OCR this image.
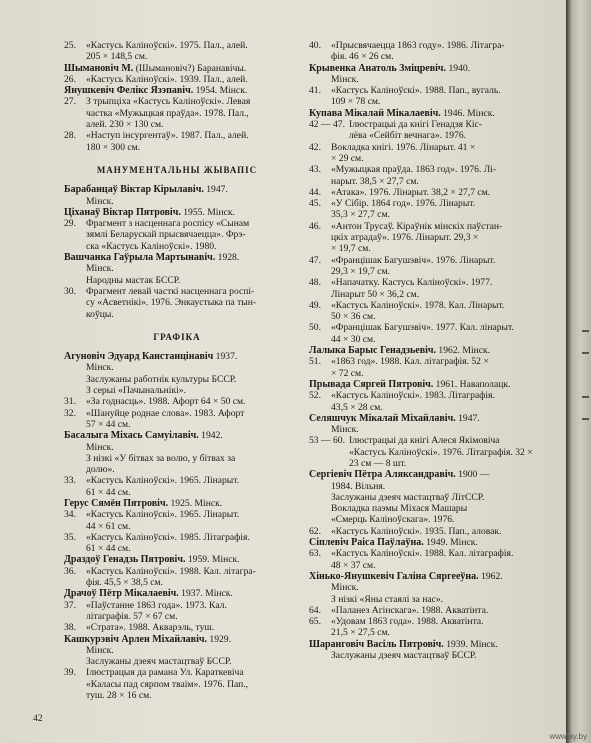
25. «Кастусь Каліноўскі». 1975. Пал., алей.
205 × 148,5 см.
Шымановіч М. (Шымановіч?) Баранавічы.
26. «Кастусь Каліноўскі». 1939. Пал., алей.
Янушкевіч Фелікс Язэпавіч. 1954. Мінск.
27. З трыпціха «Кастусь Каліноўскі». Левая
частка «Мужыцкая праўда». 1978. Пал.,
алей. 230 × 130 см.
28. «Наступ інсургентаў». 1987. Пал., алей.
180 × 300 см.
МАНУМЕНТАЛЬНЫ ЖЫВАПІС
Барабанцаў Віктар Кірылавіч. 1947.
Мінск.
Ціханаў Віктар Пятровіч. 1955. Мінск.
29. Фрагмент з насценнага роспісу «Сынам
зямлі Беларускай прысвячаецца». Фрэ-
ска «Кастусь Каліноўскі». 1980.
Вашчанка Гаўрыла Мартынавіч. 1928.
Мінск.
Народны мастак БССР.
30. Фрагмент левай часткі насценнага роспі-
су «Асветнікі». 1976. Энкаустыка па тын-
коўцы.
ГРАФІКА
Агуновіч Эдуард Канстанцінавіч 1937.
Мінск.
Заслужаны работнік культуры БССР.
З серыі «Пачынальнікі».
31. «За годнасць». 1988. Афорт 64 × 50 см.
32. «Шануйце роднае слова». 1983. Афорт
57 × 44 см.
Басалыга Міхась Самуілавіч. 1942.
Мінск.
З нізкі «У бітвах за волю, у бітвах за
долю».
33. «Кастусь Каліноўскі». 1965. Лінарыт.
61 × 44 см.
Герус Сямён Пятровіч. 1925. Мінск.
34. «Кастусь Каліноўскі». 1965. Лінарыт.
44 × 61 см.
35. «Кастусь Каліноўскі». 1985. Літаграфія.
61 × 44 см.
Драздоў Генадзь Пятровіч. 1959. Мінск.
36. «Кастусь Каліноўскі». 1988. Кал. літагра-
фія. 45,5 × 38,5 см.
Драчоў Пётр Мікалаевіч. 1937. Мінск.
37. «Паўстанне 1863 года». 1973. Кал.
літаграфія. 57 × 67 см.
38. «Страта». 1988. Акварэль, туш.
Кашкурэвіч Арлен Міхайлавіч. 1929.
Мінск.
Заслужаны дзеяч мастацтваў БССР.
39. Ілюстрацыя да рамана Ул. Караткевіча
«Каласы пад сярпом тваім». 1976. Пап.,
туш. 28 × 16 см.
40. «Прысвячаецца 1863 году». 1986. Літагра-
фія. 46 × 26 см.
Крывенка Анатоль Зміцревіч. 1940.
Мінск.
41. «Кастусь Каліноўскі». 1988. Пап., вугаль.
109 × 78 см.
Купава Мікалай Мікалаевіч. 1946. Мінск.
42 — 47. Ілюстрацыі да кнігі Генадзя Кіс-
лёва «Сейбіт вечнага». 1976.
42. Вокладка кнігі. 1976. Лінарыт. 41 ×
× 29 см.
43. «Мужыцкая праўда. 1863 год». 1976. Лі-
нарыт. 38,5 × 27,7 см.
44. «Атака». 1976. Лінарыт. 38,2 × 27,7 см.
45. «У Сібір. 1864 год». 1976. Лінарыт.
35,3 × 27,7 см.
46. «Антон Трусаў. Кіраўнік мінскіх паўстан-
цкіх атрадаў». 1976. Лінарыт. 29,3 ×
× 19,7 см.
47. «Францішак Багушэвіч». 1976. Лінарыт.
29,3 × 19,7 см.
48. «Напачатку. Кастусь Каліноўскі». 1977.
Лінарыт 50 × 36,2 см.
49. «Кастусь Каліноўскі». 1978. Кал. Лінарыт.
50 × 36 см.
50. «Францішак Багушэвіч». 1977. Кал. лінарыт.
44 × 30 см.
Лалыка Барыс Генадзьевіч. 1962. Мінск.
51. «1863 год». 1988. Кал. літаграфія. 52 ×
× 72 см.
Прывада Сяргей Пятровіч. 1961. Наваполацк.
52. «Кастусь Каліноўскі». 1983. Літаграфія.
43,5 × 28 см.
Селяшчук Мікалай Міхайлавіч. 1947.
Мінск.
53 — 60. Ілюстрацыі да кнігі Алеся Якімовіча «Кастусь Каліноўскі». 1976. Літаграфія. 32 × 23 см — 8 шт.
Сергіевіч Пётра Аляксандравіч. 1900 —
1984. Вільня.
Заслужаны дзеяч мастацтваў ЛітССР.
Вокладка паэмы Міхася Машары
«Смерць Каліноўскага». 1976.
62. «Кастусь Каліноўскі». 1935. Пап., аловак.
Сіплевіч Раіса Паўлаўна. 1949. Мінск.
63. «Кастусь Каліноўскі». 1988. Кал. літаграфія.
48 × 37 см.
Хінько-Янушкевіч Галіна Сяргееўна. 1962.
Мінск.
З нізкі «Яны стаялі за нас».
64. «Паланез Агінскага». 1988. Акватінта.
65. «Удовам 1863 года». 1988. Акватінта.
21,5 × 27,5 см.
Шаранговіч Васіль Пятровіч. 1939. Мінск.
Заслужаны дзеяч мастацтваў БССР.
42
www.ay.by
